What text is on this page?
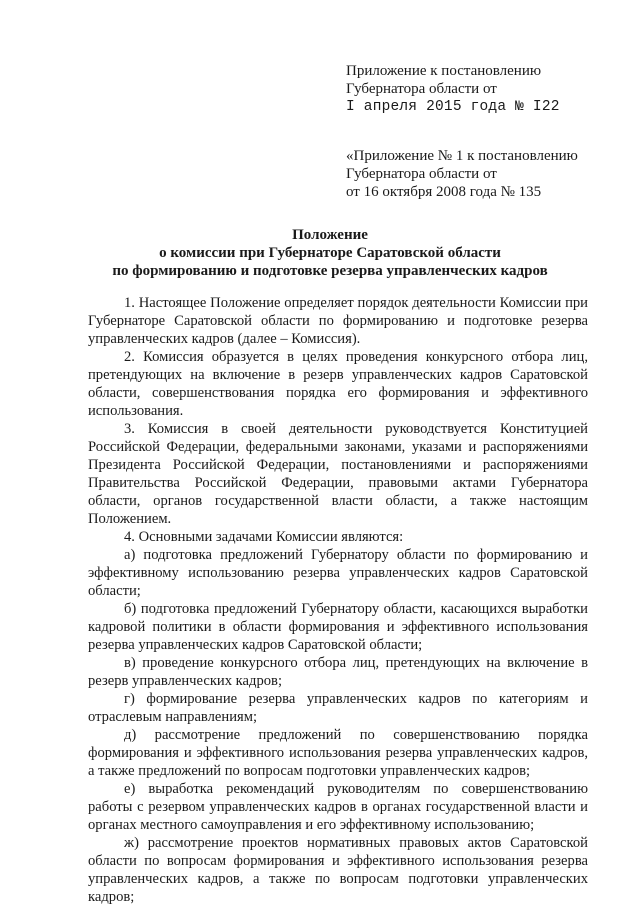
Приложение к постановлению
Губернатора области от
I апреля 2015 года № I22
«Приложение № 1 к постановлению
Губернатора области от
от 16 октября 2008 года № 135
Положение
о комиссии при Губернаторе Саратовской области
по формированию и подготовке резерва управленческих кадров

1. Настоящее Положение определяет порядок деятельности Комиссии при Губернаторе Саратовской области по формированию и подготовке резерва управленческих кадров (далее – Комиссия).

2. Комиссия образуется в целях проведения конкурсного отбора лиц, претендующих на включение в резерв управленческих кадров Саратовской области, совершенствования порядка его формирования и эффективного использования.

3. Комиссия в своей деятельности руководствуется Конституцией Российской Федерации, федеральными законами, указами и распоряжениями Президента Российской Федерации, постановлениями и распоряжениями Правительства Российской Федерации, правовыми актами Губернатора области, органов государственной власти области, а также настоящим Положением.

4. Основными задачами Комиссии являются:

а) подготовка предложений Губернатору области по формированию и эффективному использованию резерва управленческих кадров Саратовской области;

б) подготовка предложений Губернатору области, касающихся выработки кадровой политики в области формирования и эффективного использования резерва управленческих кадров Саратовской области;

в) проведение конкурсного отбора лиц, претендующих на включение в резерв управленческих кадров;

г) формирование резерва управленческих кадров по категориям и отраслевым направлениям;

д) рассмотрение предложений по совершенствованию порядка формирования и эффективного использования резерва управленческих кадров, а также предложений по вопросам подготовки управленческих кадров;

е) выработка рекомендаций руководителям по совершенствованию работы с резервом управленческих кадров в органах государственной власти и органах местного самоуправления и его эффективному использованию;

ж) рассмотрение проектов нормативных правовых актов Саратовской области по вопросам формирования и эффективного использования резерва управленческих кадров, а также по вопросам подготовки управленческих кадров;
